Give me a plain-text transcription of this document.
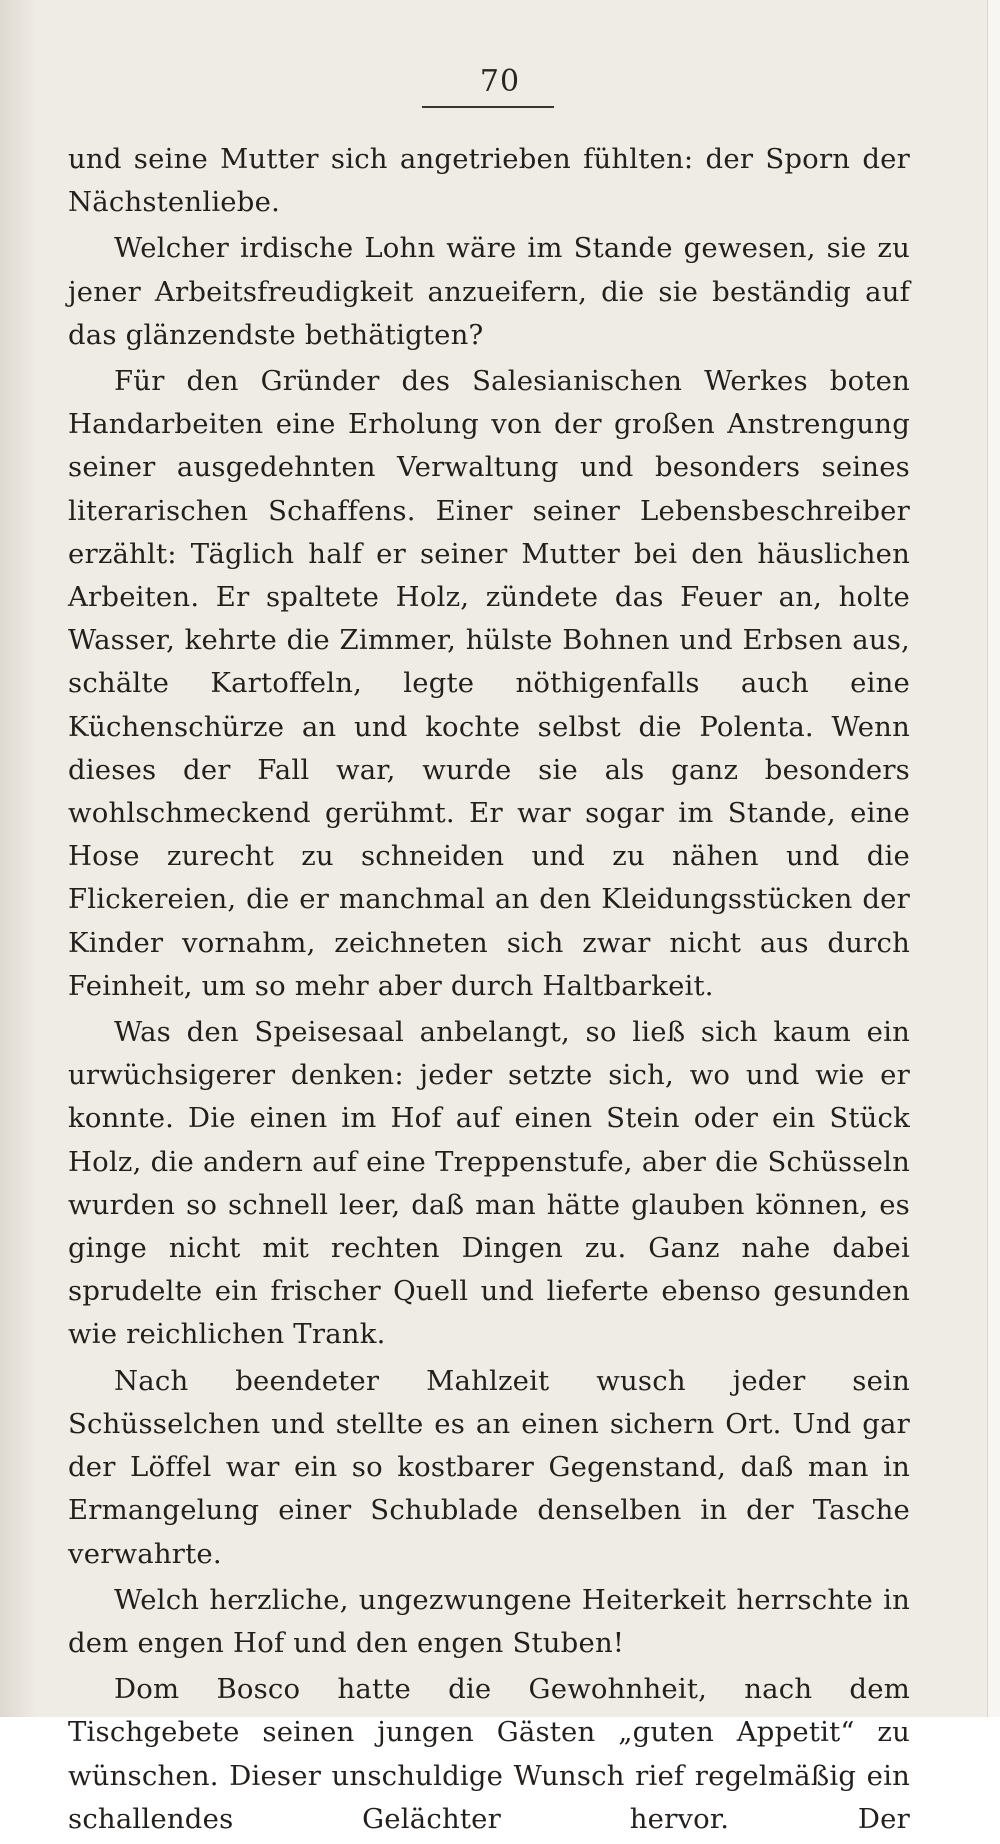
70

und seine Mutter sich angetrieben fühlten: der Sporn der Nächstenliebe.

Welcher irdische Lohn wäre im Stande gewesen, sie zu jener Arbeitsfreudigkeit anzueifern, die sie beständig auf das glänzendste bethätigten?

Für den Gründer des Salesianischen Werkes boten Handarbeiten eine Erholung von der großen Anstrengung seiner ausgedehnten Verwaltung und besonders seines literarischen Schaffens. Einer seiner Lebensbeschreiber erzählt: Täglich half er seiner Mutter bei den häuslichen Arbeiten. Er spaltete Holz, zündete das Feuer an, holte Wasser, kehrte die Zimmer, hülste Bohnen und Erbsen aus, schälte Kartoffeln, legte nöthigenfalls auch eine Küchenschürze an und kochte selbst die Polenta. Wenn dieses der Fall war, wurde sie als ganz besonders wohlschmeckend gerühmt. Er war sogar im Stande, eine Hose zurecht zu schneiden und zu nähen und die Flickereien, die er manchmal an den Kleidungsstücken der Kinder vornahm, zeichneten sich zwar nicht aus durch Feinheit, um so mehr aber durch Haltbarkeit.

Was den Speisesaal anbelangt, so ließ sich kaum ein urwüchsigerer denken: jeder setzte sich, wo und wie er konnte. Die einen im Hof auf einen Stein oder ein Stück Holz, die andern auf eine Treppenstufe, aber die Schüsseln wurden so schnell leer, daß man hätte glauben können, es ginge nicht mit rechten Dingen zu. Ganz nahe dabei sprudelte ein frischer Quell und lieferte ebenso gesunden wie reichlichen Trank.

Nach beendeter Mahlzeit wusch jeder sein Schüsselchen und stellte es an einen sichern Ort. Und gar der Löffel war ein so kostbarer Gegenstand, daß man in Ermangelung einer Schublade denselben in der Tasche verwahrte.

Welch herzliche, ungezwungene Heiterkeit herrschte in dem engen Hof und den engen Stuben!

Dom Bosco hatte die Gewohnheit, nach dem Tischgebete seinen jungen Gästen „guten Appetit“ zu wünschen. Dieser unschuldige Wunsch rief regelmäßig ein schallendes Gelächter hervor. Der
